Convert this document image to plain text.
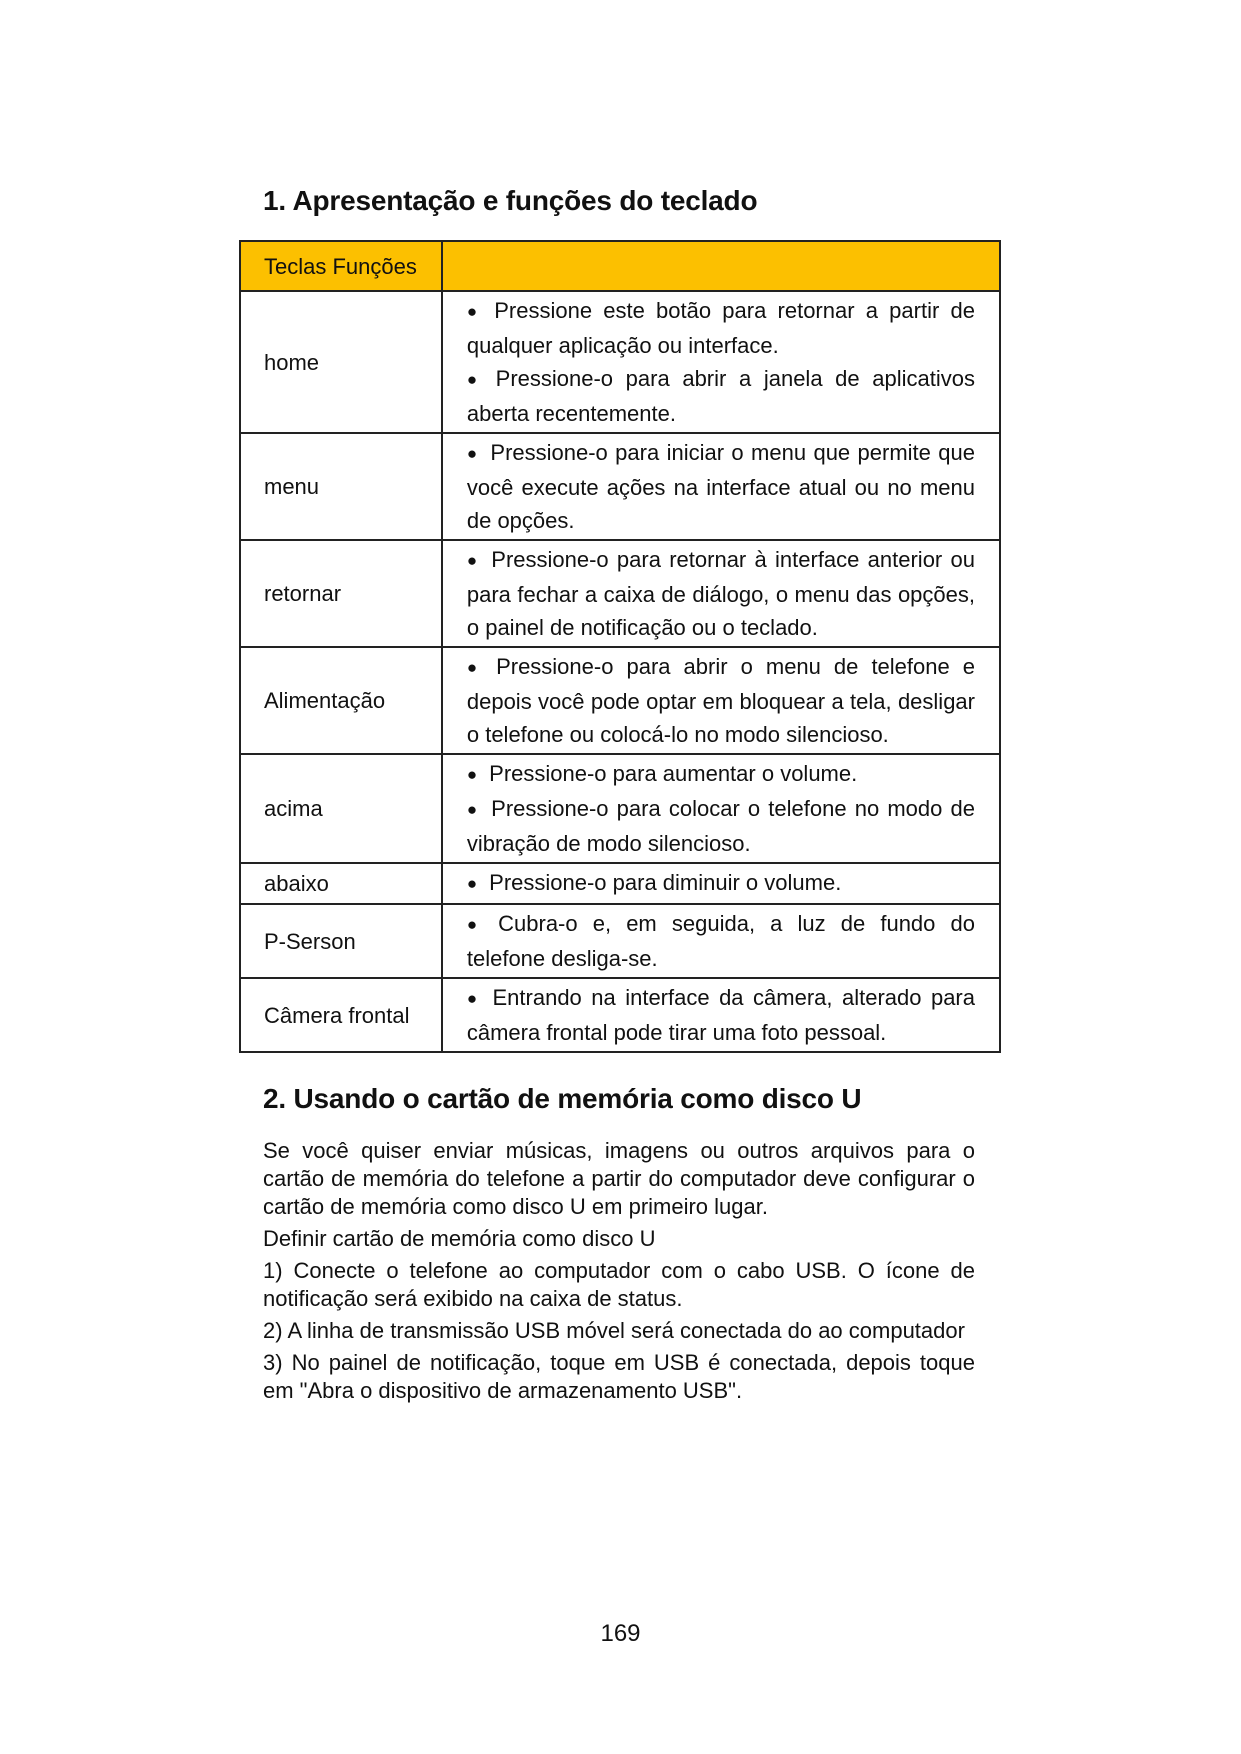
1. Apresentação e funções do teclado
Teclas Funções	
home	● Pressione este botão para retornar a partir de qualquer aplicação ou interface.
● Pressione-o para abrir a janela de aplicativos aberta recentemente.

menu	● Pressione-o para iniciar o menu que permite que você execute ações na interface atual ou no menu de opções.

retornar	● Pressione-o para retornar à interface anterior ou para fechar a caixa de diálogo, o menu das opções, o painel de notificação ou o teclado.

Alimentação	● Pressione-o para abrir o menu de telefone e depois você pode optar em bloquear a tela, desligar o telefone ou colocá-lo no modo silencioso.

acima	● Pressione-o para aumentar o volume.
● Pressione-o para colocar o telefone no modo de vibração de modo silencioso.

abaixo	● Pressione-o para diminuir o volume.

P-Serson	● Cubra-o e, em seguida, a luz de fundo do telefone desliga-se.

Câmera frontal	● Entrando na interface da câmera, alterado para câmera frontal pode tirar uma foto pessoal.
2. Usando o cartão de memória como disco U

Se você quiser enviar músicas, imagens ou outros arquivos para o cartão de memória do telefone a partir do computador deve configurar o cartão de memória como disco U em primeiro lugar.

Definir cartão de memória como disco U

1) Conecte o telefone ao computador com o cabo USB. O ícone de notificação será exibido na caixa de status.

2) A linha de transmissão USB móvel será conectada do ao computador

3) No painel de notificação, toque em USB é conectada, depois toque em "Abra o dispositivo de armazenamento USB".

169
